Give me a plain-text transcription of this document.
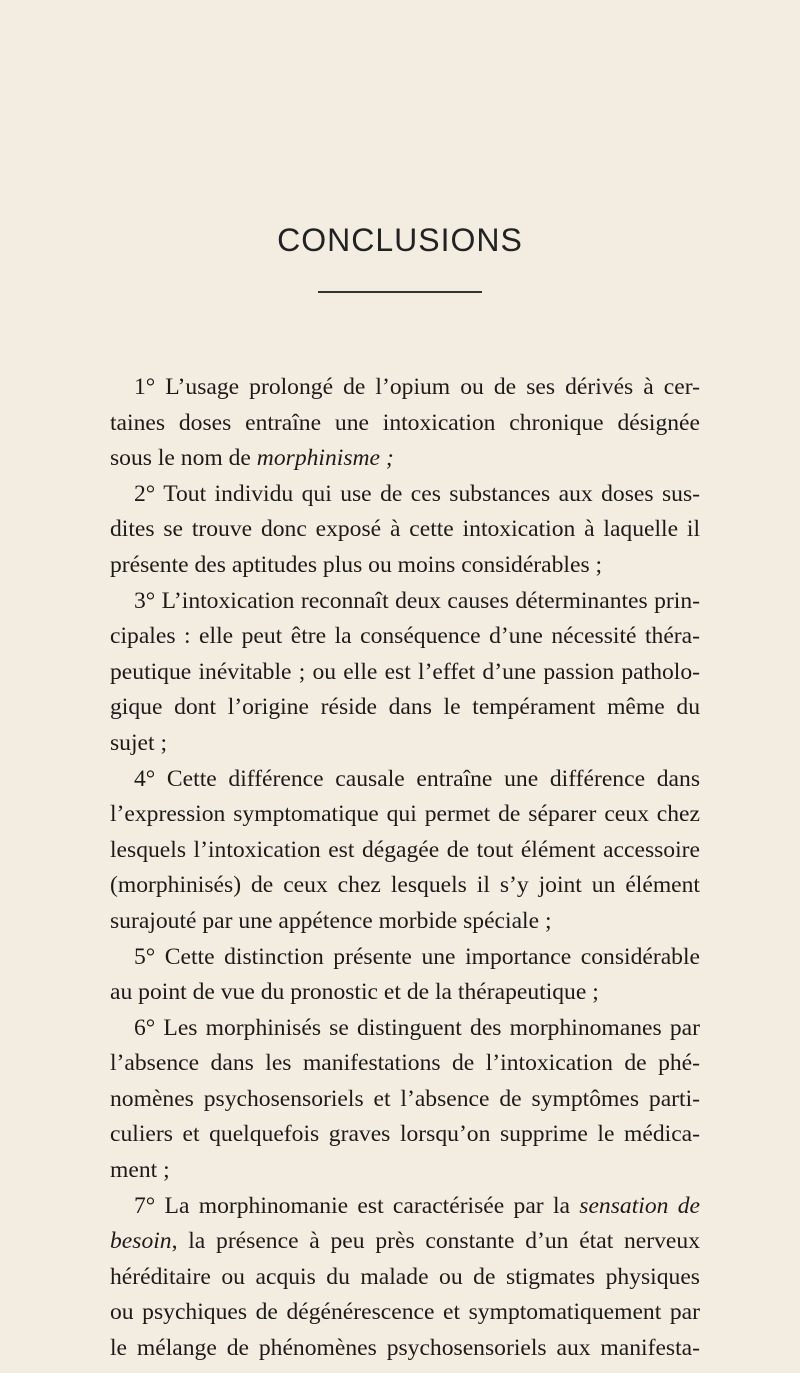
CONCLUSIONS
1° L’usage prolongé de l’opium ou de ses dérivés à cer-
taines doses entraîne une intoxication chronique désignée
sous le nom de morphinisme ;
2° Tout individu qui use de ces substances aux doses sus-
dites se trouve donc exposé à cette intoxication à laquelle il
présente des aptitudes plus ou moins considérables ;
3° L’intoxication reconnaît deux causes déterminantes prin-
cipales : elle peut être la conséquence d’une nécessité théra-
peutique inévitable ; ou elle est l’effet d’une passion patholo-
gique dont l’origine réside dans le tempérament même du
sujet ;
4° Cette différence causale entraîne une différence dans
l’expression symptomatique qui permet de séparer ceux chez
lesquels l’intoxication est dégagée de tout élément accessoire
(morphinisés) de ceux chez lesquels il s’y joint un élément
surajouté par une appétence morbide spéciale ;
5° Cette distinction présente une importance considérable
au point de vue du pronostic et de la thérapeutique ;
6° Les morphinisés se distinguent des morphinomanes par
l’absence dans les manifestations de l’intoxication de phé-
nomènes psychosensoriels et l’absence de symptômes parti-
culiers et quelquefois graves lorsqu’on supprime le médica-
ment ;
7° La morphinomanie est caractérisée par la sensation de
besoin, la présence à peu près constante d’un état nerveux
héréditaire ou acquis du malade ou de stigmates physiques
ou psychiques de dégénérescence et symptomatiquement par
le mélange de phénomènes psychosensoriels aux manifesta-
